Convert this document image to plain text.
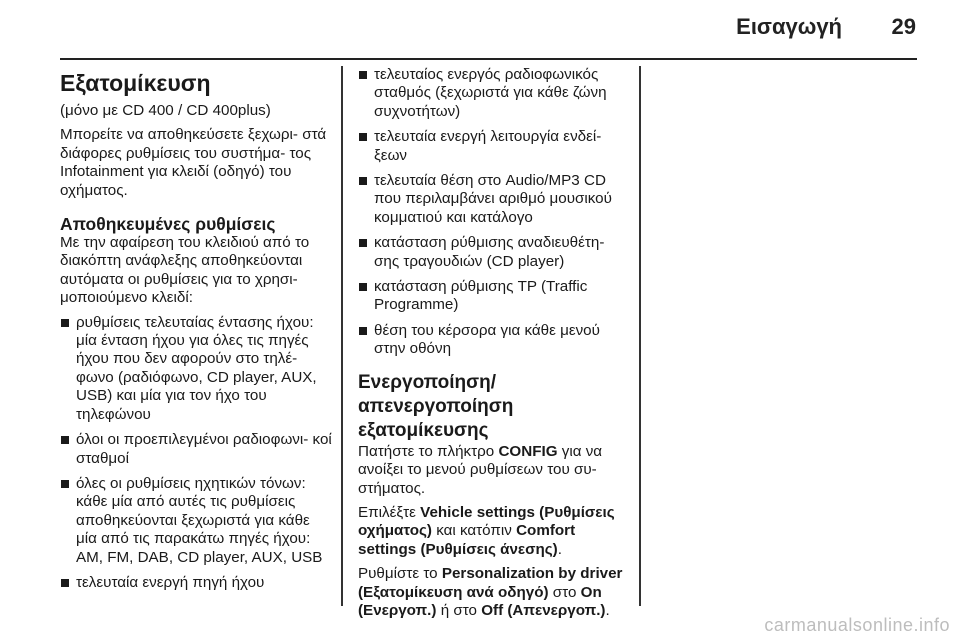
Εισαγωγή 29
Εξατομίκευση

(μόνο με CD 400 / CD 400plus)

Μπορείτε να αποθηκεύσετε ξεχωρι- στά διάφορες ρυθμίσεις του συστήμα- τος Infotainment για κλειδί (οδηγό) του οχήματος.

Αποθηκευμένες ρυθμίσεις

Με την αφαίρεση του κλειδιού από το διακόπτη ανάφλεξης αποθηκεύονται αυτόματα οι ρυθμίσεις για το χρησι- μοποιούμενο κλειδί:

ρυθμίσεις τελευταίας έντασης ήχου: μία ένταση ήχου για όλες τις πηγές ήχου που δεν αφορούν στο τηλέ- φωνο (ραδιόφωνο, CD player, AUX, USB) και μία για τον ήχο του τηλεφώνου
όλοι οι προεπιλεγμένοι ραδιοφωνι- κοί σταθμοί
όλες οι ρυθμίσεις ηχητικών τόνων: κάθε μία από αυτές τις ρυθμίσεις αποθηκεύονται ξεχωριστά για κάθε μία από τις παρακάτω πηγές ήχου: AM, FM, DAB, CD player, AUX, USB
τελευταία ενεργή πηγή ήχου
τελευταίος ενεργός ραδιοφωνικός σταθμός (ξεχωριστά για κάθε ζώνη συχνοτήτων)
τελευταία ενεργή λειτουργία ενδεί- ξεων
τελευταία θέση στο Audio/MP3 CD που περιλαμβάνει αριθμό μουσικού κομματιού και κατάλογο
κατάσταση ρύθμισης αναδιευθέτη- σης τραγουδιών (CD player)
κατάσταση ρύθμισης TP (Traffic Programme)
θέση του κέρσορα για κάθε μενού στην οθόνη
Ενεργοποίηση/
απενεργοποίηση εξατομίκευσης

Πατήστε το πλήκτρο CONFIG για να ανοίξει το μενού ρυθμίσεων του συ- στήματος.

Επιλέξτε Vehicle settings (Ρυθμίσεις οχήματος) και κατόπιν Comfort settings (Ρυθμίσεις άνεσης).

Ρυθμίστε το Personalization by driver (Εξατομίκευση ανά οδηγό) στο On (Ενεργοπ.) ή στο Off (Απενεργοπ.).

carmanualsonline.info
